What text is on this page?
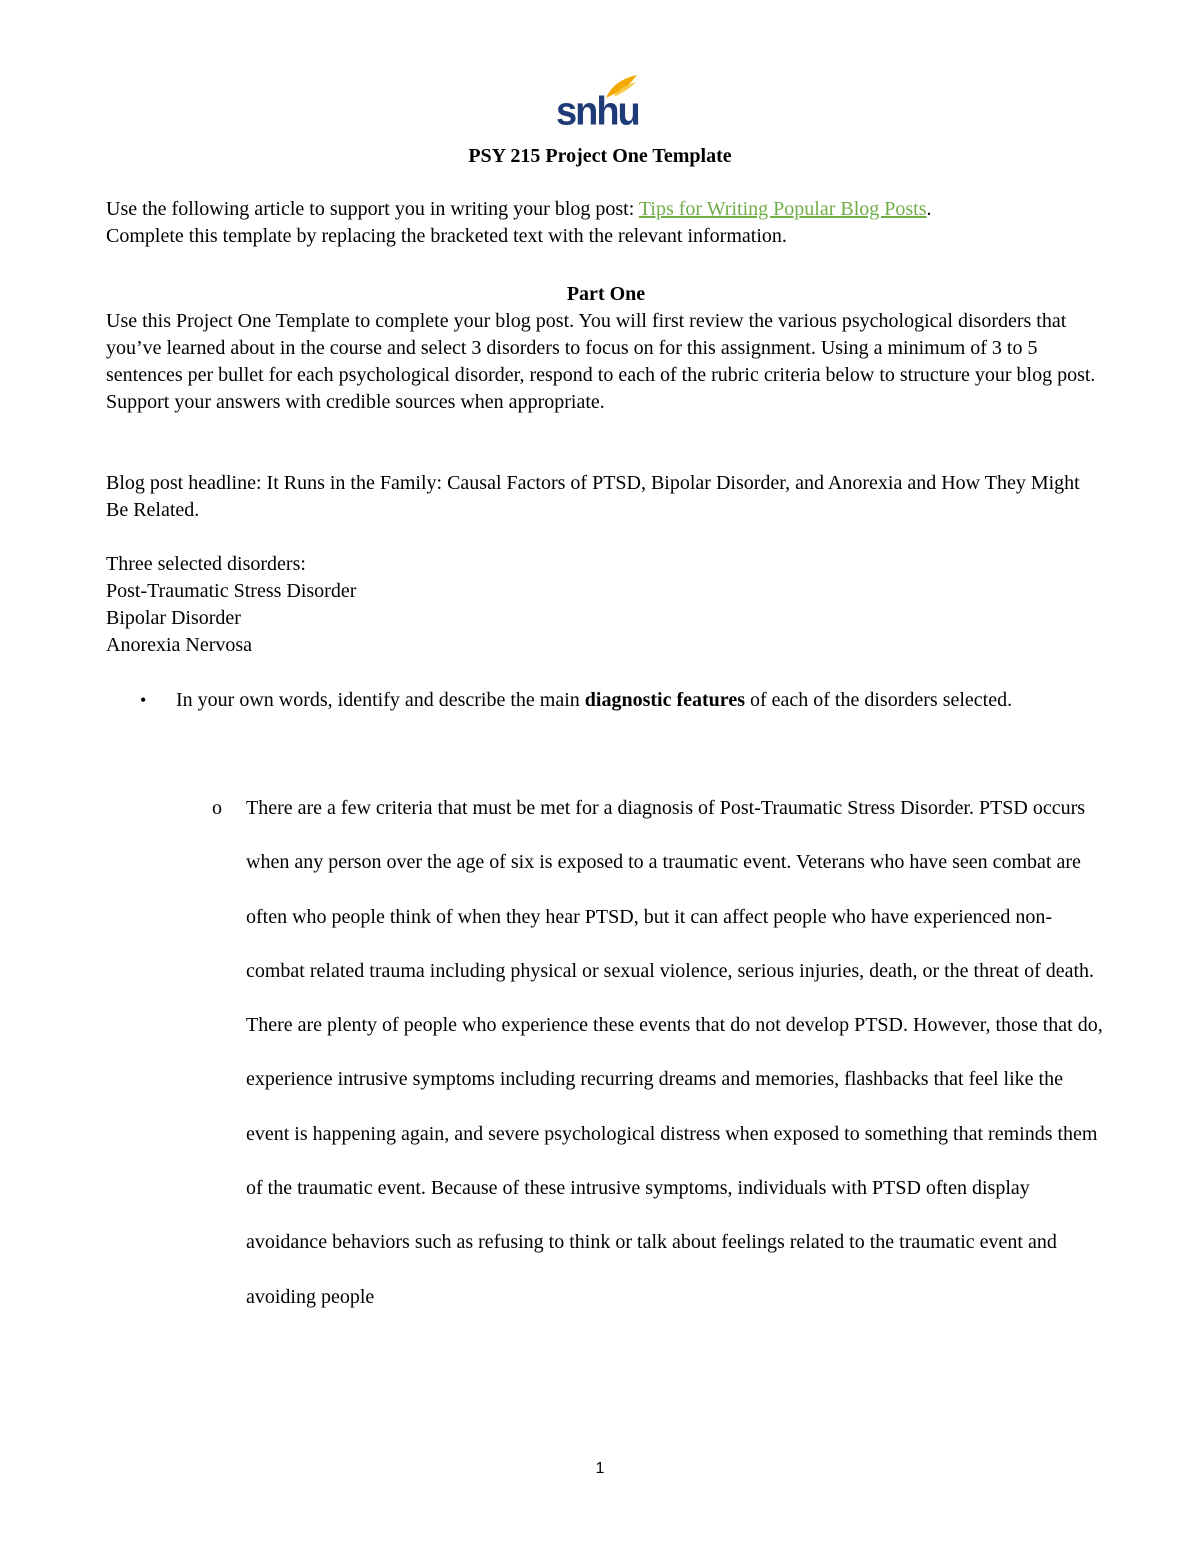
snhu
PSY 215 Project One Template

Use the following article to support you in writing your blog post: Tips for Writing Popular Blog Posts.

Complete this template by replacing the bracketed text with the relevant information.

Part One

Use this Project One Template to complete your blog post. You will first review the various psychological disorders that you’ve learned about in the course and select 3 disorders to focus on for this assignment. Using a minimum of 3 to 5 sentences per bullet for each psychological disorder, respond to each of the rubric criteria below to structure your blog post. Support your answers with credible sources when appropriate.

Blog post headline: It Runs in the Family: Causal Factors of PTSD, Bipolar Disorder, and Anorexia and How They Might Be Related.

Three selected disorders:

Post-Traumatic Stress Disorder

Bipolar Disorder

Anorexia Nervosa

• In your own words, identify and describe the main diagnostic features of each of the disorders selected.
o There are a few criteria that must be met for a diagnosis of Post-Traumatic Stress Disorder. PTSD occurs when any person over the age of six is exposed to a traumatic event. Veterans who have seen combat are often who people think of when they hear PTSD, but it can affect people who have experienced non-combat related trauma including physical or sexual violence, serious injuries, death, or the threat of death. There are plenty of people who experience these events that do not develop PTSD. However, those that do, experience intrusive symptoms including recurring dreams and memories, flashbacks that feel like the event is happening again, and severe psychological distress when exposed to something that reminds them of the traumatic event. Because of these intrusive symptoms, individuals with PTSD often display avoidance behaviors such as refusing to think or talk about feelings related to the traumatic event and avoiding people
1
